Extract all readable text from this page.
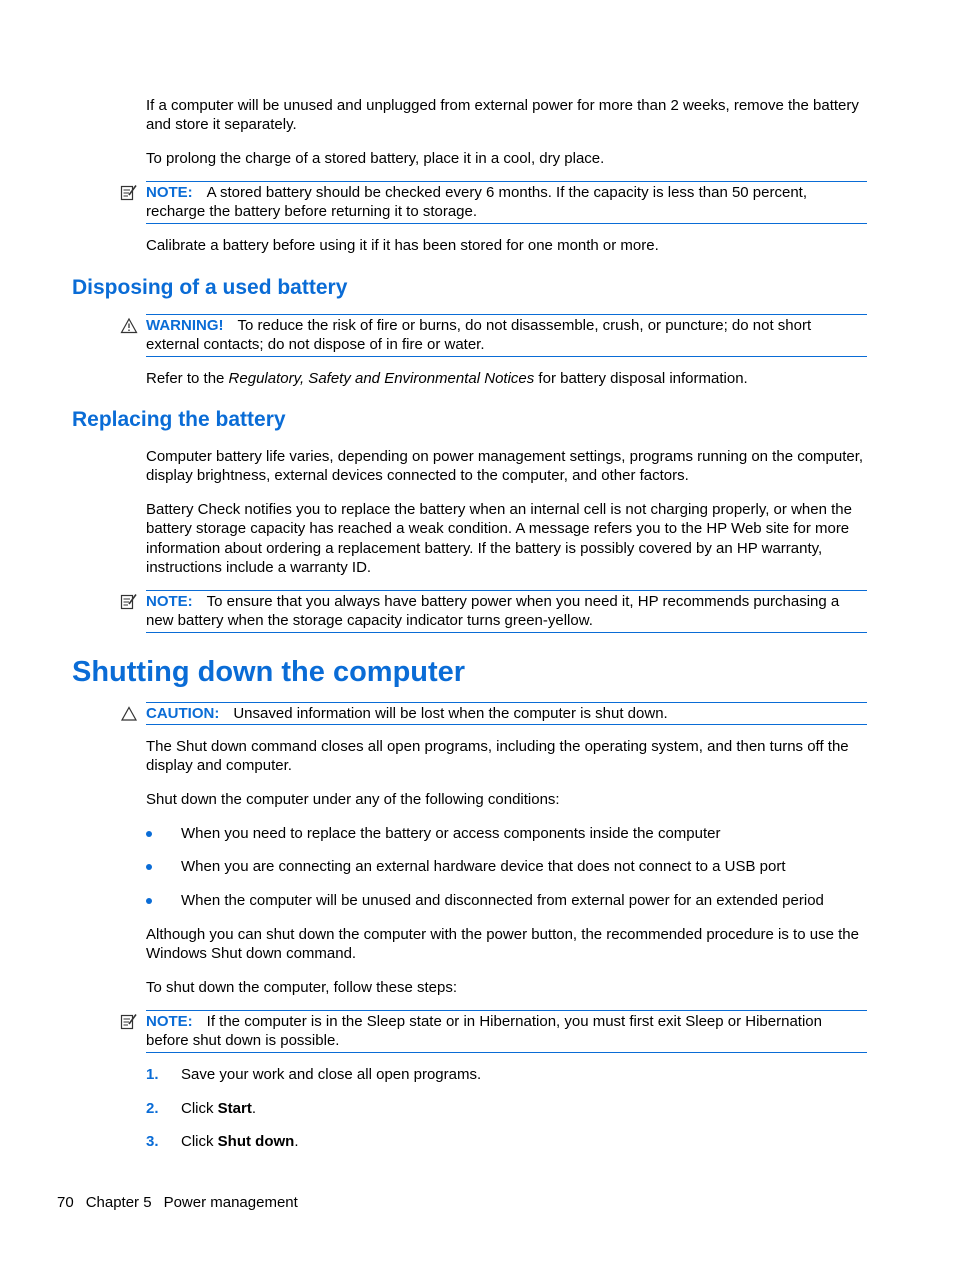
If a computer will be unused and unplugged from external power for more than 2 weeks, remove the battery and store it separately.

To prolong the charge of a stored battery, place it in a cool, dry place.

NOTE: A stored battery should be checked every 6 months. If the capacity is less than 50 percent, recharge the battery before returning it to storage.

Calibrate a battery before using it if it has been stored for one month or more.

Disposing of a used battery
WARNING! To reduce the risk of fire or burns, do not disassemble, crush, or puncture; do not short external contacts; do not dispose of in fire or water.

Refer to the Regulatory, Safety and Environmental Notices for battery disposal information.

Replacing the battery

Computer battery life varies, depending on power management settings, programs running on the computer, display brightness, external devices connected to the computer, and other factors.

Battery Check notifies you to replace the battery when an internal cell is not charging properly, or when the battery storage capacity has reached a weak condition. A message refers you to the HP Web site for more information about ordering a replacement battery. If the battery is possibly covered by an HP warranty, instructions include a warranty ID.

NOTE: To ensure that you always have battery power when you need it, HP recommends purchasing a new battery when the storage capacity indicator turns green-yellow.
Shutting down the computer
CAUTION: Unsaved information will be lost when the computer is shut down.

The Shut down command closes all open programs, including the operating system, and then turns off the display and computer.

Shut down the computer under any of the following conditions:

When you need to replace the battery or access components inside the computer
When you are connecting an external hardware device that does not connect to a USB port
When the computer will be unused and disconnected from external power for an extended period

Although you can shut down the computer with the power button, the recommended procedure is to use the Windows Shut down command.

To shut down the computer, follow these steps:

NOTE: If the computer is in the Sleep state or in Hibernation, you must first exit Sleep or Hibernation before shut down is possible.
1. Save your work and close all open programs.
2. Click Start.
3. Click Shut down.
70 Chapter 5 Power management
